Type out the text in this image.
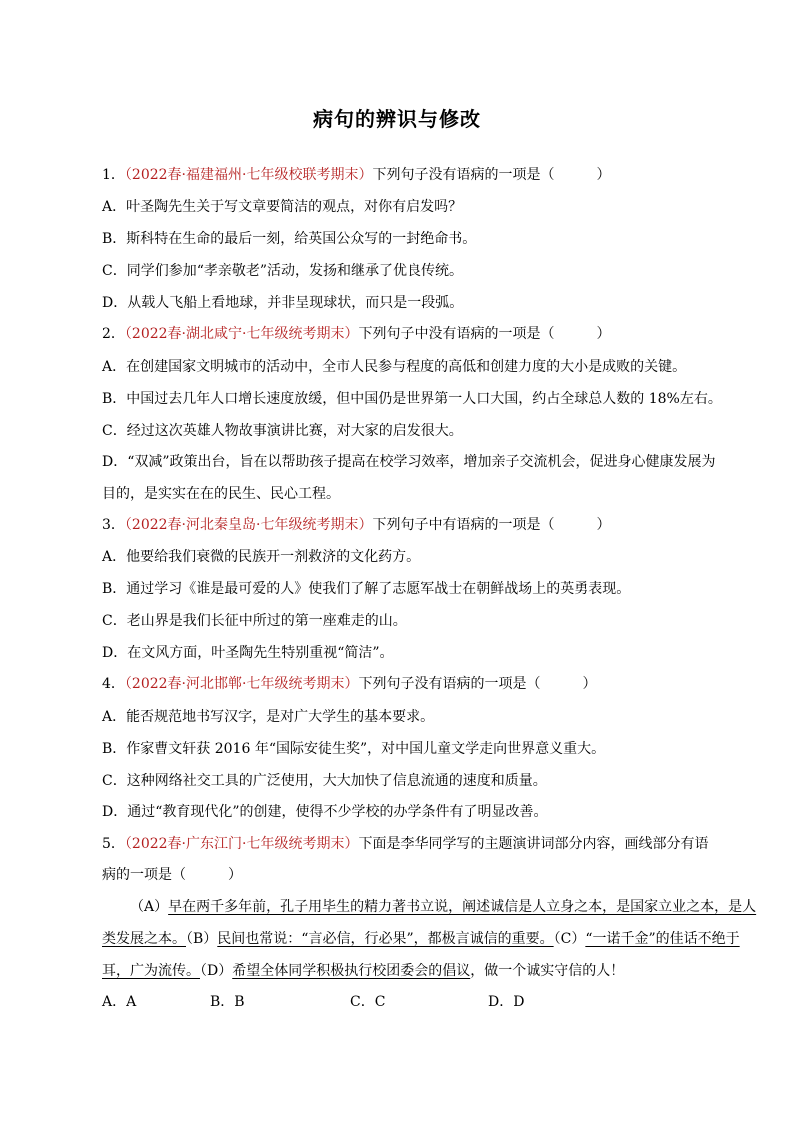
病句的辨识与修改
1．（2022春·福建福州·七年级校联考期末）下列句子没有语病的一项是（　　　）
A．叶圣陶先生关于写文章要简洁的观点，对你有启发吗？
B．斯科特在生命的最后一刻，给英国公众写的一封绝命书。
C．同学们参加“孝亲敬老”活动，发扬和继承了优良传统。
D．从载人飞船上看地球，并非呈现球状，而只是一段弧。
2．（2022春·湖北咸宁·七年级统考期末）下列句子中没有语病的一项是（　　　）
A．在创建国家文明城市的活动中，全市人民参与程度的高低和创建力度的大小是成败的关键。
B．中国过去几年人口增长速度放缓，但中国仍是世界第一人口大国，约占全球总人数的 18%左右。
C．经过这次英雄人物故事演讲比赛，对大家的启发很大。
D．“双减”政策出台，旨在以帮助孩子提高在校学习效率，增加亲子交流机会，促进身心健康发展为
目的，是实实在在的民生、民心工程。
3．（2022春·河北秦皇岛·七年级统考期末）下列句子中有语病的一项是（　　　）
A．他要给我们衰微的民族开一剂救济的文化药方。
B．通过学习《谁是最可爱的人》使我们了解了志愿军战士在朝鲜战场上的英勇表现。
C．老山界是我们长征中所过的第一座难走的山。
D．在文风方面，叶圣陶先生特别重视“简洁”。
4．（2022春·河北邯郸·七年级统考期末）下列句子没有语病的一项是（　　　）
A．能否规范地书写汉字，是对广大学生的基本要求。
B．作家曹文轩获 2016 年“国际安徒生奖”，对中国儿童文学走向世界意义重大。
C．这种网络社交工具的广泛使用，大大加快了信息流通的速度和质量。
D．通过“教育现代化”的创建，使得不少学校的办学条件有了明显改善。
5．（2022春·广东江门·七年级统考期末）下面是李华同学写的主题演讲词部分内容，画线部分有语
病的一项是（　　　）
（A）早在两千多年前，孔子用毕生的精力著书立说，阐述诚信是人立身之本，是国家立业之本，是人
类发展之本。（B）民间也常说：“言必信，行必果”，都极言诚信的重要。（C）“一诺千金”的佳话不绝于
耳，广为流传。（D）希望全体同学积极执行校团委会的倡议，做一个诚实守信的人！
A．A	B．B	C．C	D．D
